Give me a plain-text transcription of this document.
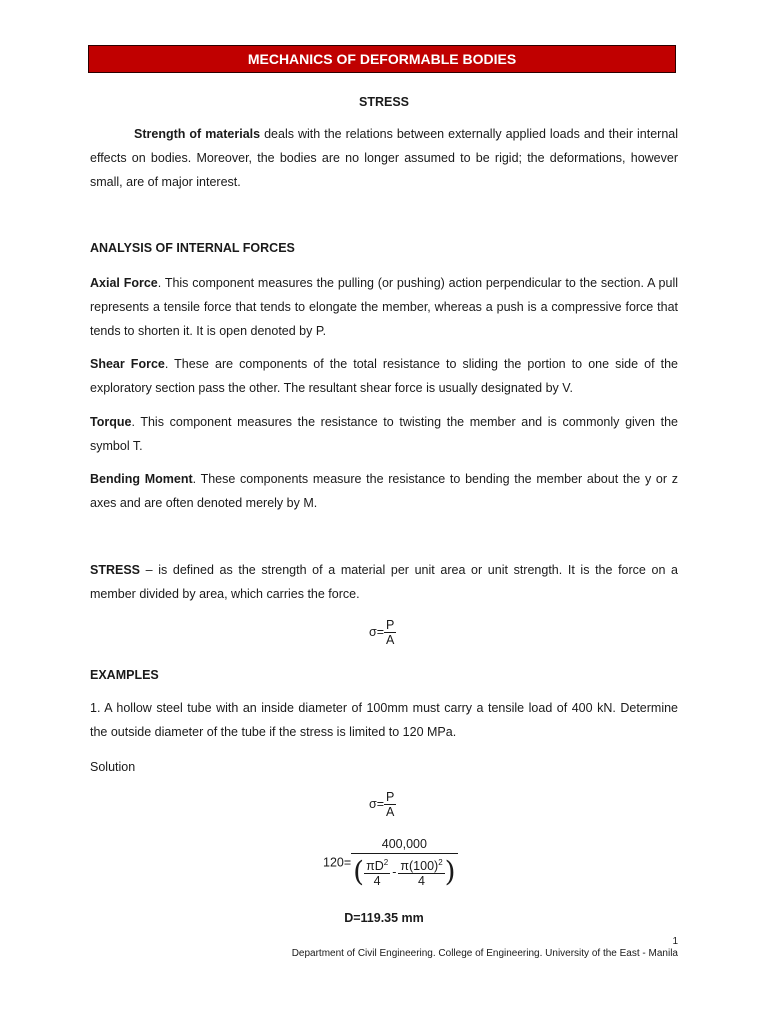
MECHANICS OF DEFORMABLE BODIES
STRESS
Strength of materials deals with the relations between externally applied loads and their internal effects on bodies. Moreover, the bodies are no longer assumed to be rigid; the deformations, however small, are of major interest.
ANALYSIS OF INTERNAL FORCES
Axial Force. This component measures the pulling (or pushing) action perpendicular to the section. A pull represents a tensile force that tends to elongate the member, whereas a push is a compressive force that tends to shorten it. It is open denoted by P.
Shear Force. These are components of the total resistance to sliding the portion to one side of the exploratory section pass the other. The resultant shear force is usually designated by V.
Torque. This component measures the resistance to twisting the member and is commonly given the symbol T.
Bending Moment. These components measure the resistance to bending the member about the y or z axes and are often denoted merely by M.
STRESS – is defined as the strength of a material per unit area or unit strength. It is the force on a member divided by area, which carries the force.
$\sigma= \frac{P}{A}$
EXAMPLES
1. A hollow steel tube with an inside diameter of 100mm must carry a tensile load of 400 kN. Determine the outside diameter of the tube if the stress is limited to 120 MPa.
Solution
$\sigma= \frac{P}{A}$
$120= \frac{400,000}{( \frac{\pi D^2}{4} - \frac{\pi(100)^2}{4} )}$
D=119.35 mm
1
Department of Civil Engineering. College of Engineering. University of the East - Manila
